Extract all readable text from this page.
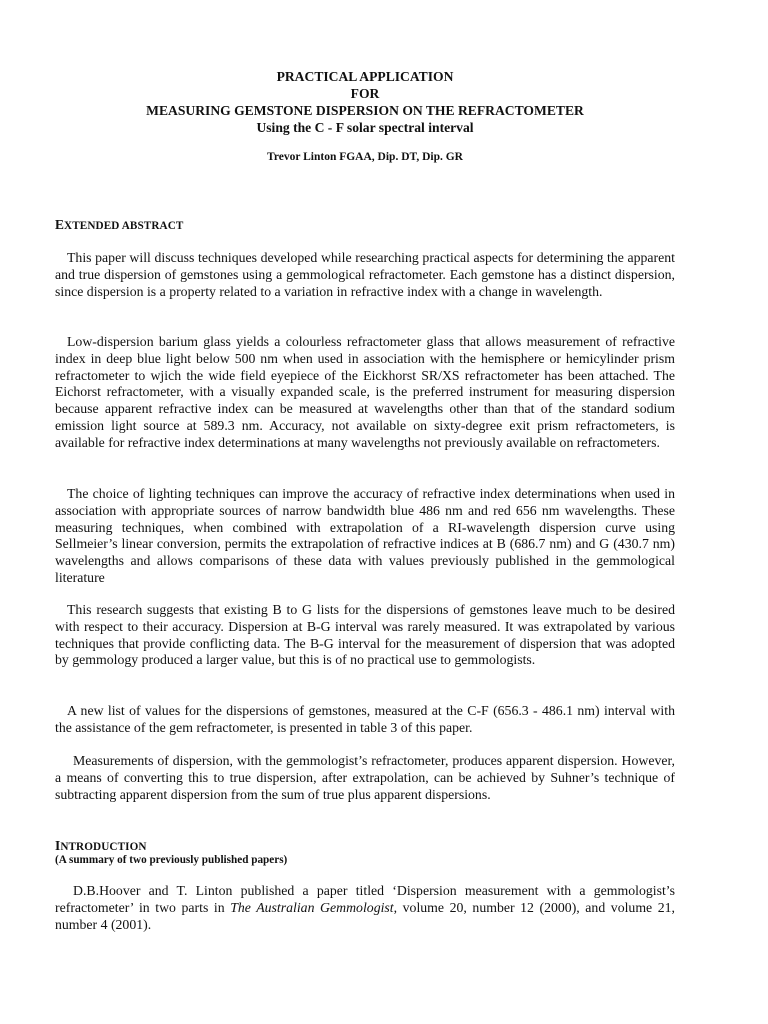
PRACTICAL APPLICATION
FOR
MEASURING GEMSTONE DISPERSION ON THE REFRACTOMETER
Using the C - F solar spectral interval
Trevor Linton FGAA, Dip. DT, Dip. GR
EXTENDED ABSTRACT

This paper will discuss techniques developed while researching practical aspects for determining the apparent and true dispersion of gemstones using a gemmological refractometer. Each gemstone has a distinct dispersion, since dispersion is a property related to a variation in refractive index with a change in wavelength.

Low-dispersion barium glass yields a colourless refractometer glass that allows measurement of refractive index in deep blue light below 500 nm when used in association with the hemisphere or hemicylinder prism refractometer to wjich the wide field eyepiece of the Eickhorst SR/XS refractometer has been attached. The Eichorst refractometer, with a visually expanded scale, is the preferred instrument for measuring dispersion because apparent refractive index can be measured at wavelengths other than that of the standard sodium emission light source at 589.3 nm. Accuracy, not available on sixty-degree exit prism refractometers, is available for refractive index determinations at many wavelengths not previously available on refractometers.

The choice of lighting techniques can improve the accuracy of refractive index determinations when used in association with appropriate sources of narrow bandwidth blue 486 nm and red 656 nm wavelengths. These measuring techniques, when combined with extrapolation of a RI-wavelength dispersion curve using Sellmeier’s linear conversion, permits the extrapolation of refractive indices at B (686.7 nm) and G (430.7 nm) wavelengths and allows comparisons of these data with values previously published in the gemmological literature

This research suggests that existing B to G lists for the dispersions of gemstones leave much to be desired with respect to their accuracy. Dispersion at B-G interval was rarely measured. It was extrapolated by various techniques that provide conflicting data. The B-G interval for the measurement of dispersion that was adopted by gemmology produced a larger value, but this is of no practical use to gemmologists.

A new list of values for the dispersions of gemstones, measured at the C-F (656.3 - 486.1 nm) interval with the assistance of the gem refractometer, is presented in table 3 of this paper.

Measurements of dispersion, with the gemmologist’s refractometer, produces apparent dispersion. However, a means of converting this to true dispersion, after extrapolation, can be achieved by Suhner’s technique of subtracting apparent dispersion from the sum of true plus apparent dispersions.

INTRODUCTION
(A summary of two previously published papers)

D.B.Hoover and T. Linton published a paper titled ‘Dispersion measurement with a gemmologist’s refractometer’ in two parts in The Australian Gemmologist, volume 20, number 12 (2000), and volume 21, number 4 (2001).
